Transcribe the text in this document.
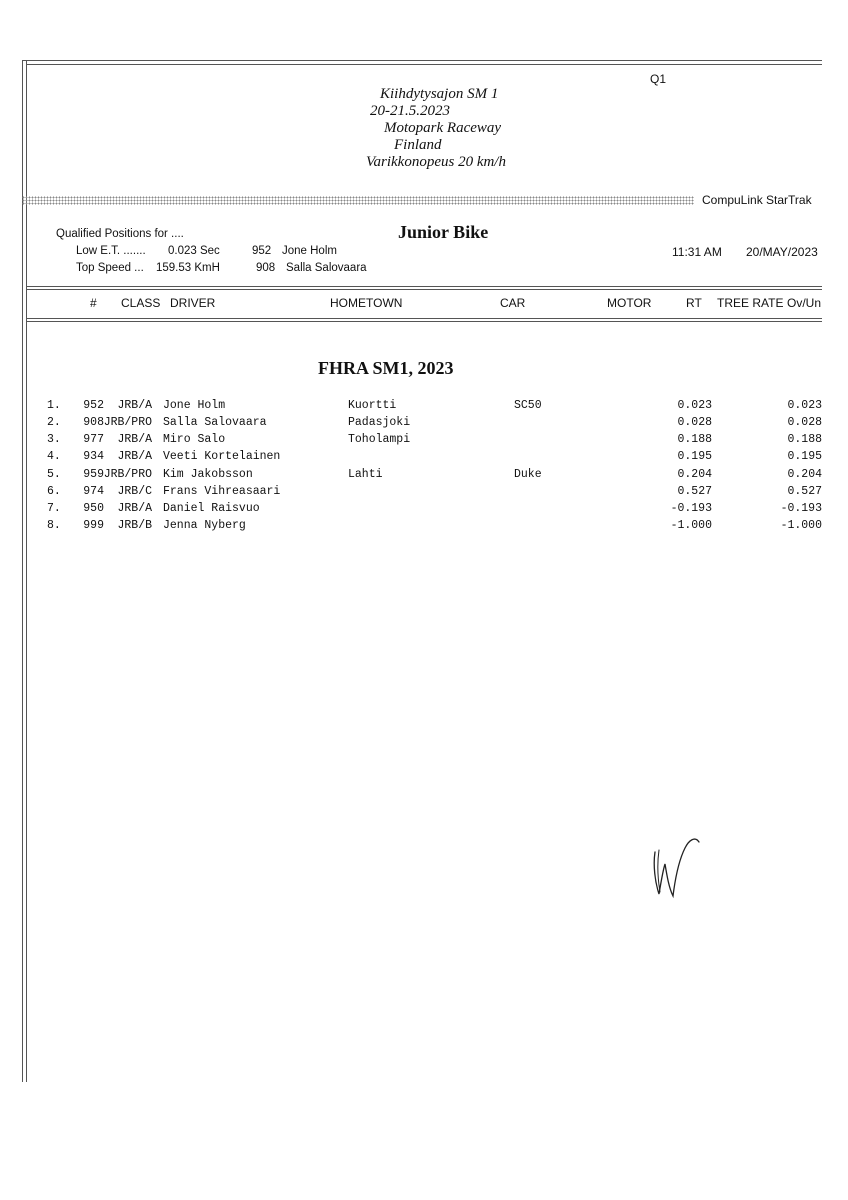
Q1
Kiihdytysajon SM 1
20-21.5.2023
Motopark Raceway
Finland
Varikkonopeus 20 km/h
CompuLink StarTrak
Qualified Positions for ....
Low E.T. ....... 0.023 Sec	952 Jone Holm
Top Speed ... 159.53 KmH	908 Salla Salovaara
Junior Bike
11:31 AM 20/MAY/2023
# CLASS DRIVER	HOMETOWN	CAR	MOTOR	RT TREE RATE Ov/Un
FHRA SM1, 2023
1.	952	JRB/A Jone Holm	Kuortti	SC50	0.023	0.023
2.	908 JRB/PRO Salla Salovaara	Padasjoki	0.028	0.028
3.	977	JRB/A Miro Salo	Toholampi	0.188	0.188
4.	934	JRB/A Veeti Kortelainen	0.195	0.195
5.	959 JRB/PRO Kim Jakobsson	Lahti	Duke	0.204	0.204
6.	974	JRB/C Frans Vihreasaari	0.527	0.527
7.	950	JRB/A Daniel Raisvuo	-0.193	-0.193
8.	999	JRB/B Jenna Nyberg	-1.000	-1.000
